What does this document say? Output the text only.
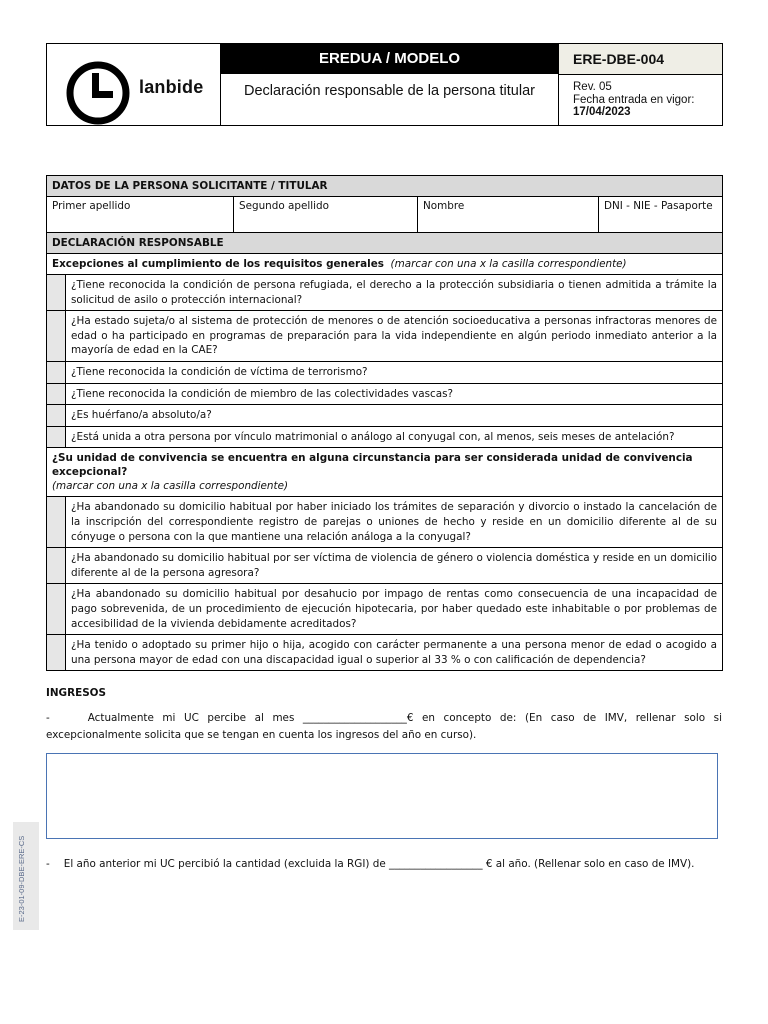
lanbide
EREDUA / MODELO
Declaración responsable de la persona titular
ERE-DBE-004
Rev. 05
Fecha entrada en vigor:
17/04/2023
DATOS DE LA PERSONA SOLICITANTE / TITULAR
Primer apellido	Segundo apellido	Nombre	DNI - NIE - Pasaporte
DECLARACIÓN RESPONSABLE
Excepciones al cumplimiento de los requisitos generales (marcar con una x la casilla correspondiente)
¿Tiene reconocida la condición de persona refugiada, el derecho a la protección subsidiaria o tienen admitida a trámite la solicitud de asilo o protección internacional?
¿Ha estado sujeta/o al sistema de protección de menores o de atención socioeducativa a personas infractoras menores de edad o ha participado en programas de preparación para la vida independiente en algún periodo inmediato anterior a la mayoría de edad en la CAE?
¿Tiene reconocida la condición de víctima de terrorismo?
¿Tiene reconocida la condición de miembro de las colectividades vascas?
¿Es huérfano/a absoluto/a?
¿Está unida a otra persona por vínculo matrimonial o análogo al conyugal con, al menos, seis meses de antelación?
¿Su unidad de convivencia se encuentra en alguna circunstancia para ser considerada unidad de convivencia excepcional?
(marcar con una x la casilla correspondiente)
¿Ha abandonado su domicilio habitual por haber iniciado los trámites de separación y divorcio o instado la cancelación de la inscripción del correspondiente registro de parejas o uniones de hecho y reside en un domicilio diferente al de su cónyuge o persona con la que mantiene una relación análoga a la conyugal?
¿Ha abandonado su domicilio habitual por ser víctima de violencia de género o violencia doméstica y reside en un domicilio diferente al de la persona agresora?
¿Ha abandonado su domicilio habitual por desahucio por impago de rentas como consecuencia de una incapacidad de pago sobrevenida, de un procedimiento de ejecución hipotecaria, por haber quedado este inhabitable o por problemas de accesibilidad de la vivienda debidamente acreditados?
¿Ha tenido o adoptado su primer hijo o hija, acogido con carácter permanente a una persona menor de edad o acogido a una persona mayor de edad con una discapacidad igual o superior al 33 % o con calificación de dependencia?
INGRESOS
-	Actualmente mi UC percibe al mes ____________________€ en concepto de: (En caso de IMV, rellenar solo si excepcionalmente solicita que se tengan en cuenta los ingresos del año en curso).
- El año anterior mi UC percibió la cantidad (excluida la RGI) de __________________ € al año. (Rellenar solo en caso de IMV).
E-23-01-09-DBE-ERE-CS
